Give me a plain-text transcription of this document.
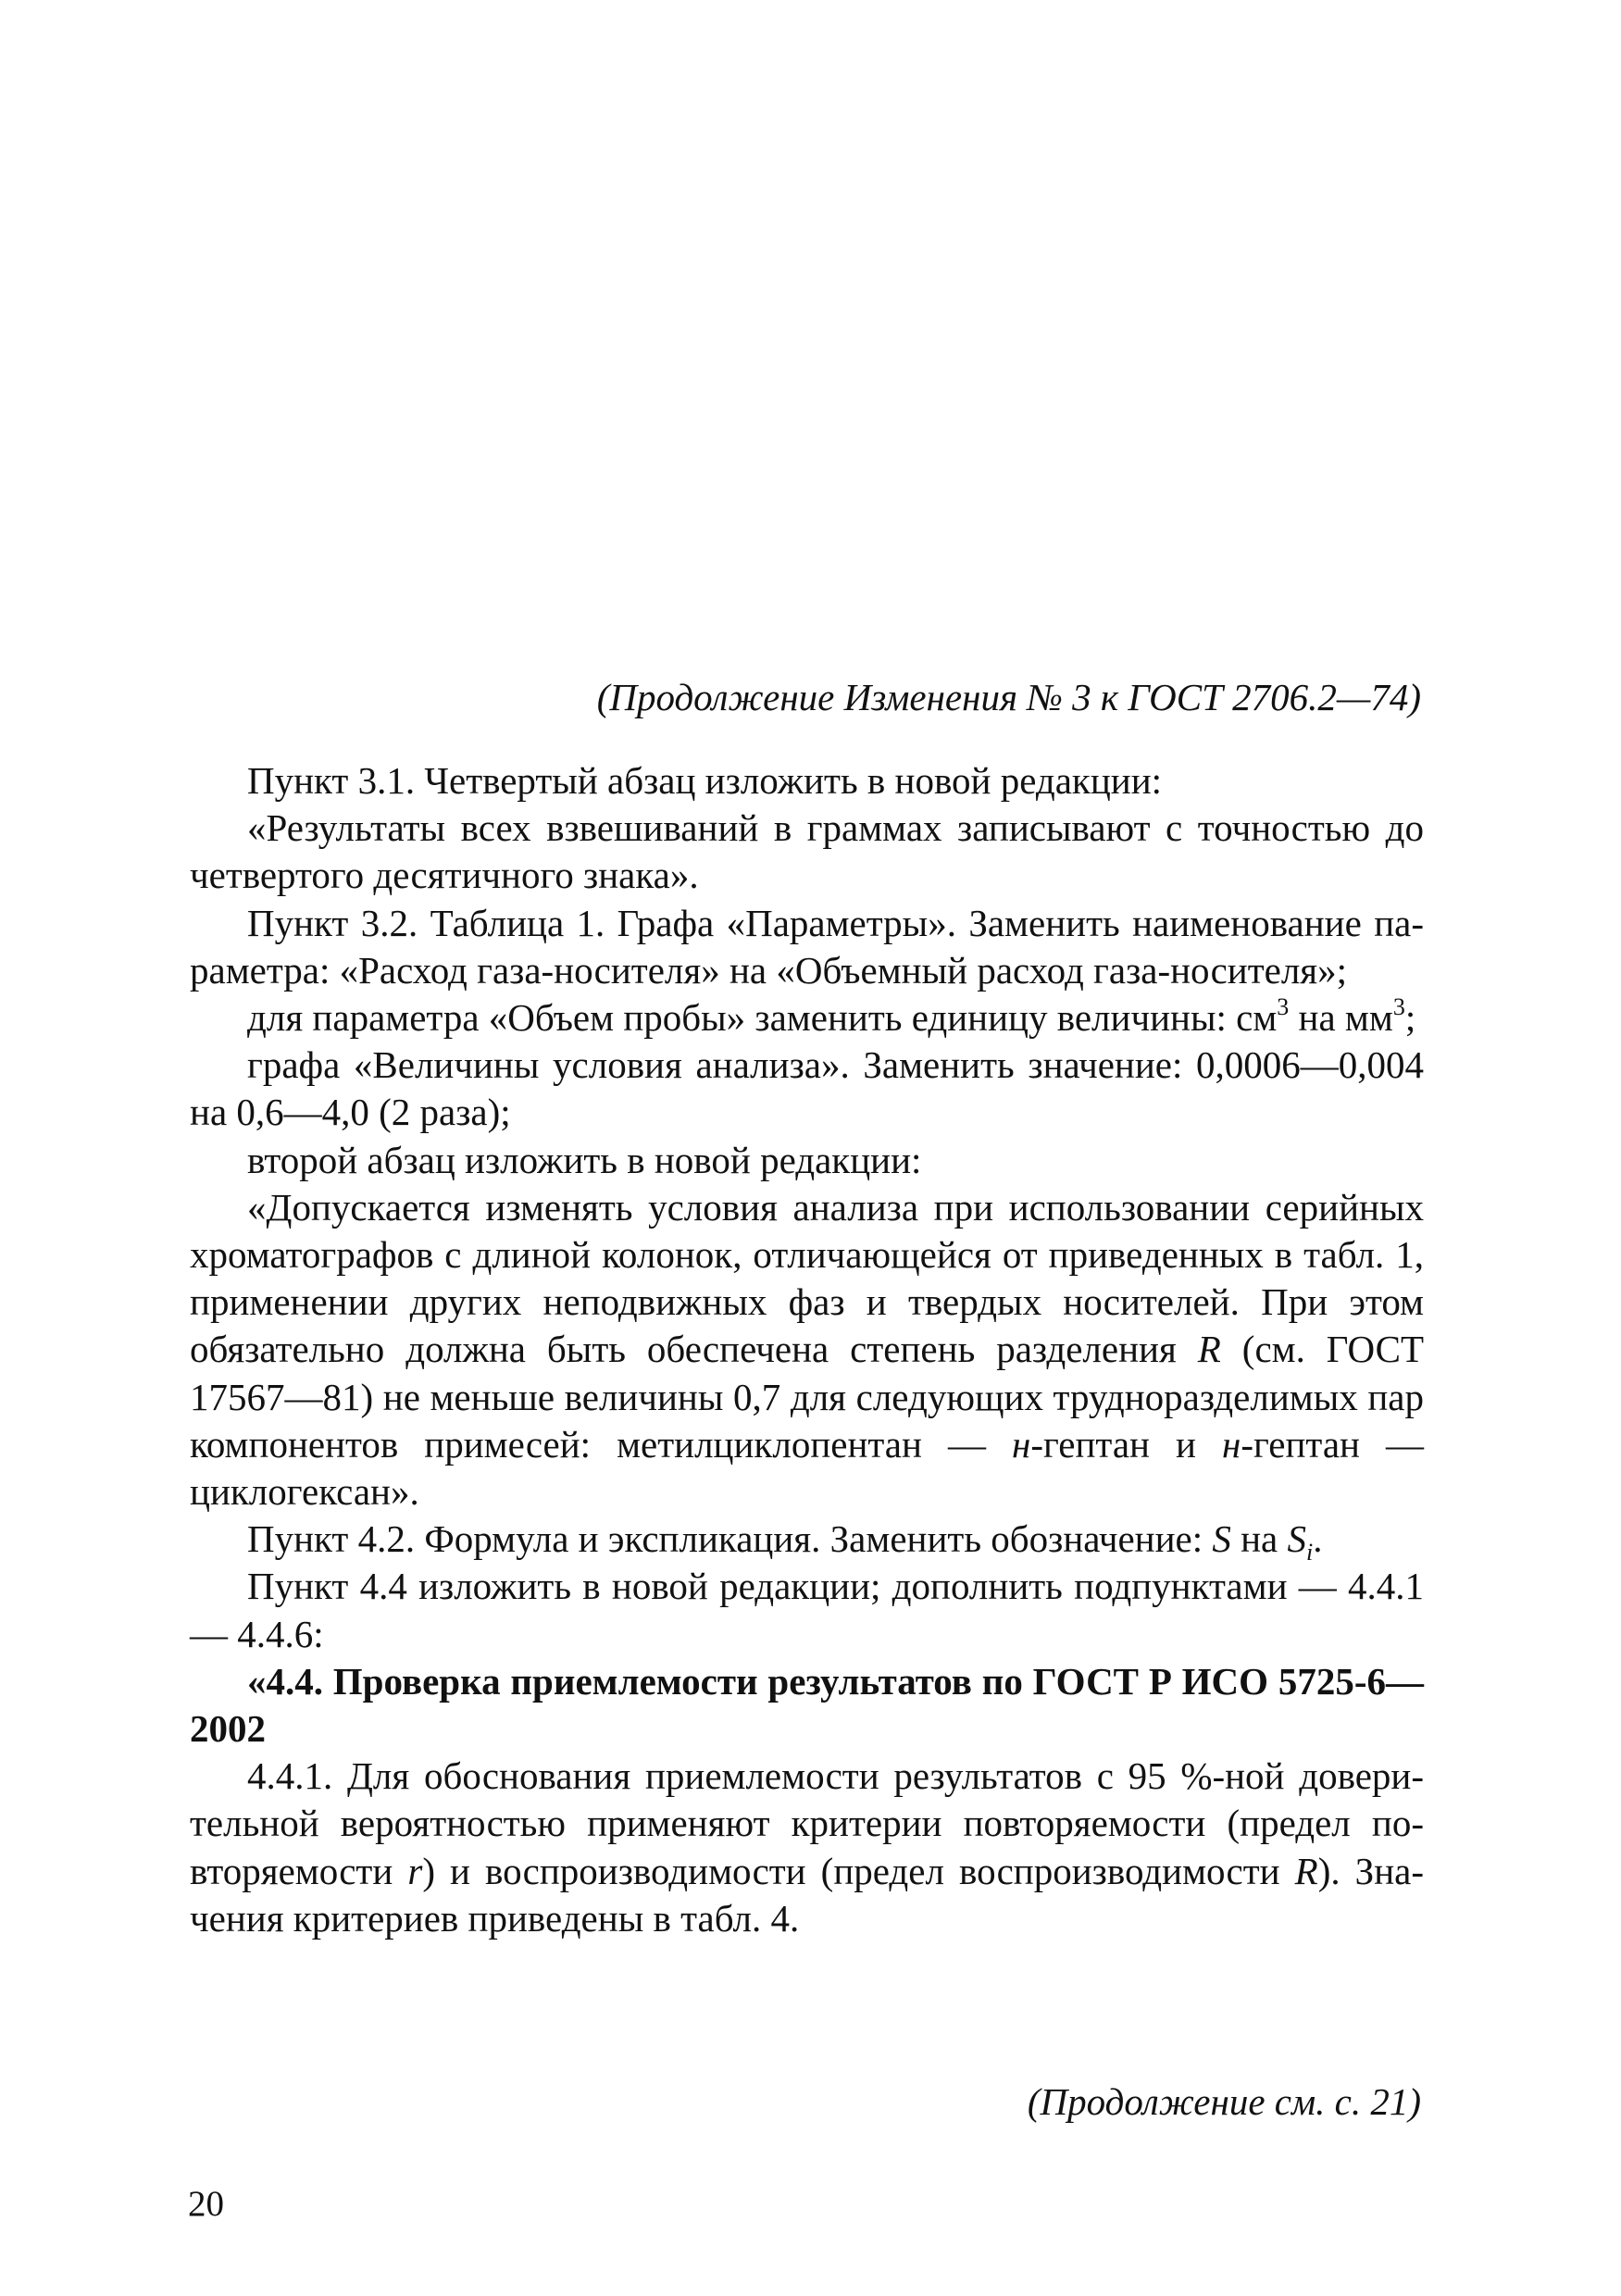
(Продолжение Изменения № 3 к ГОСТ 2706.2—74)

Пункт 3.1. Четвертый абзац изложить в новой редакции:

«Результаты всех взвешиваний в граммах записывают с точностью до четвертого десятичного знака».

Пункт 3.2. Таблица 1. Графа «Параметры». Заменить наименование параметра: «Расход газа-носителя» на «Объемный расход газа-носителя»;

для параметра «Объем пробы» заменить единицу величины: $см^3$ на $мм^3$;

графа «Величины условия анализа». Заменить значение: 0,0006—0,004 на 0,6—4,0 (2 раза);

второй абзац изложить в новой редакции:

«Допускается изменять условия анализа при использовании серийных хроматографов с длиной колонок, отличающейся от приведенных в табл. 1, применении других неподвижных фаз и твердых носителей. При этом обязательно должна быть обеспечена степень разделения R (см. ГОСТ 17567—81) не меньше величины 0,7 для следующих трудноразделимых пар компонентов примесей: метилциклопентан — н-гептан и н-гептан — циклогексан».

Пункт 4.2. Формула и экспликация. Заменить обозначение: S на $S_i$.

Пункт 4.4 изложить в новой редакции; дополнить подпунктами — 4.4.1 — 4.4.6:

«4.4. Проверка приемлемости результатов по ГОСТ Р ИСО 5725-6—2002

4.4.1. Для обоснования приемлемости результатов с 95 %-ной доверительной вероятностью применяют критерии повторяемости (предел повторяемости r) и воспроизводимости (предел воспроизводимости R). Значения критериев приведены в табл. 4.

(Продолжение см. с. 21)

20
